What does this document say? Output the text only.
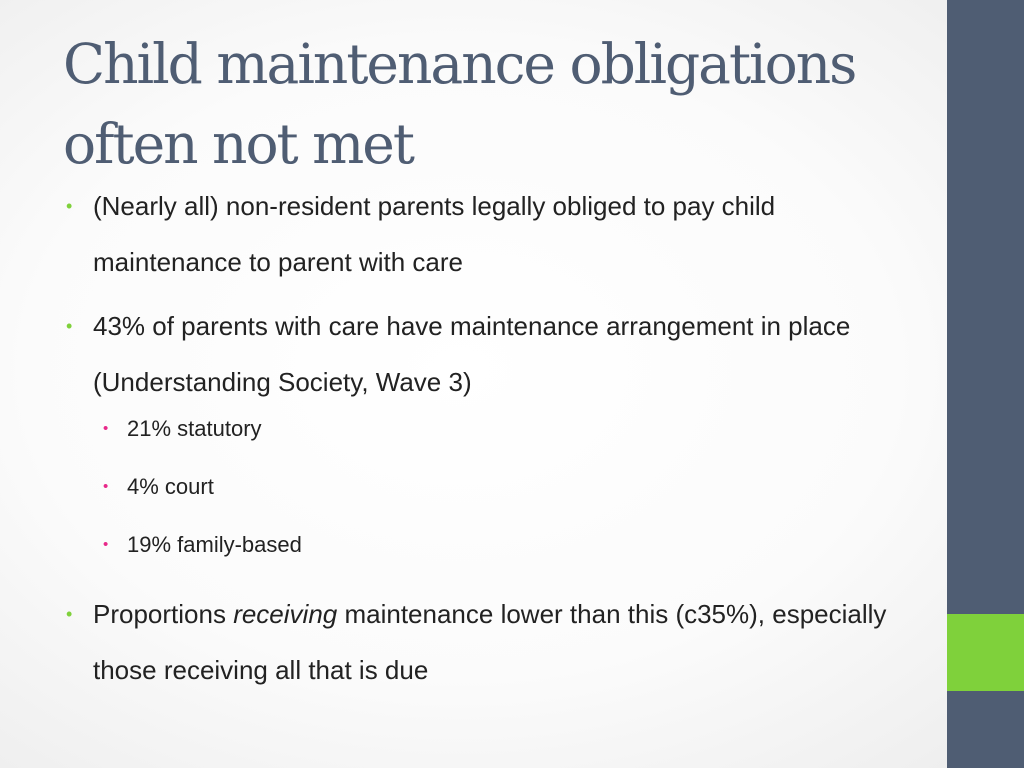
Child maintenance obligations often not met
• (Nearly all) non-resident parents legally obliged to pay child maintenance to parent with care
• 43% of parents with care have maintenance arrangement in place (Understanding Society, Wave 3)
• 21% statutory
• 4% court
• 19% family-based
• Proportions receiving maintenance lower than this (c35%), especially those receiving all that is due
